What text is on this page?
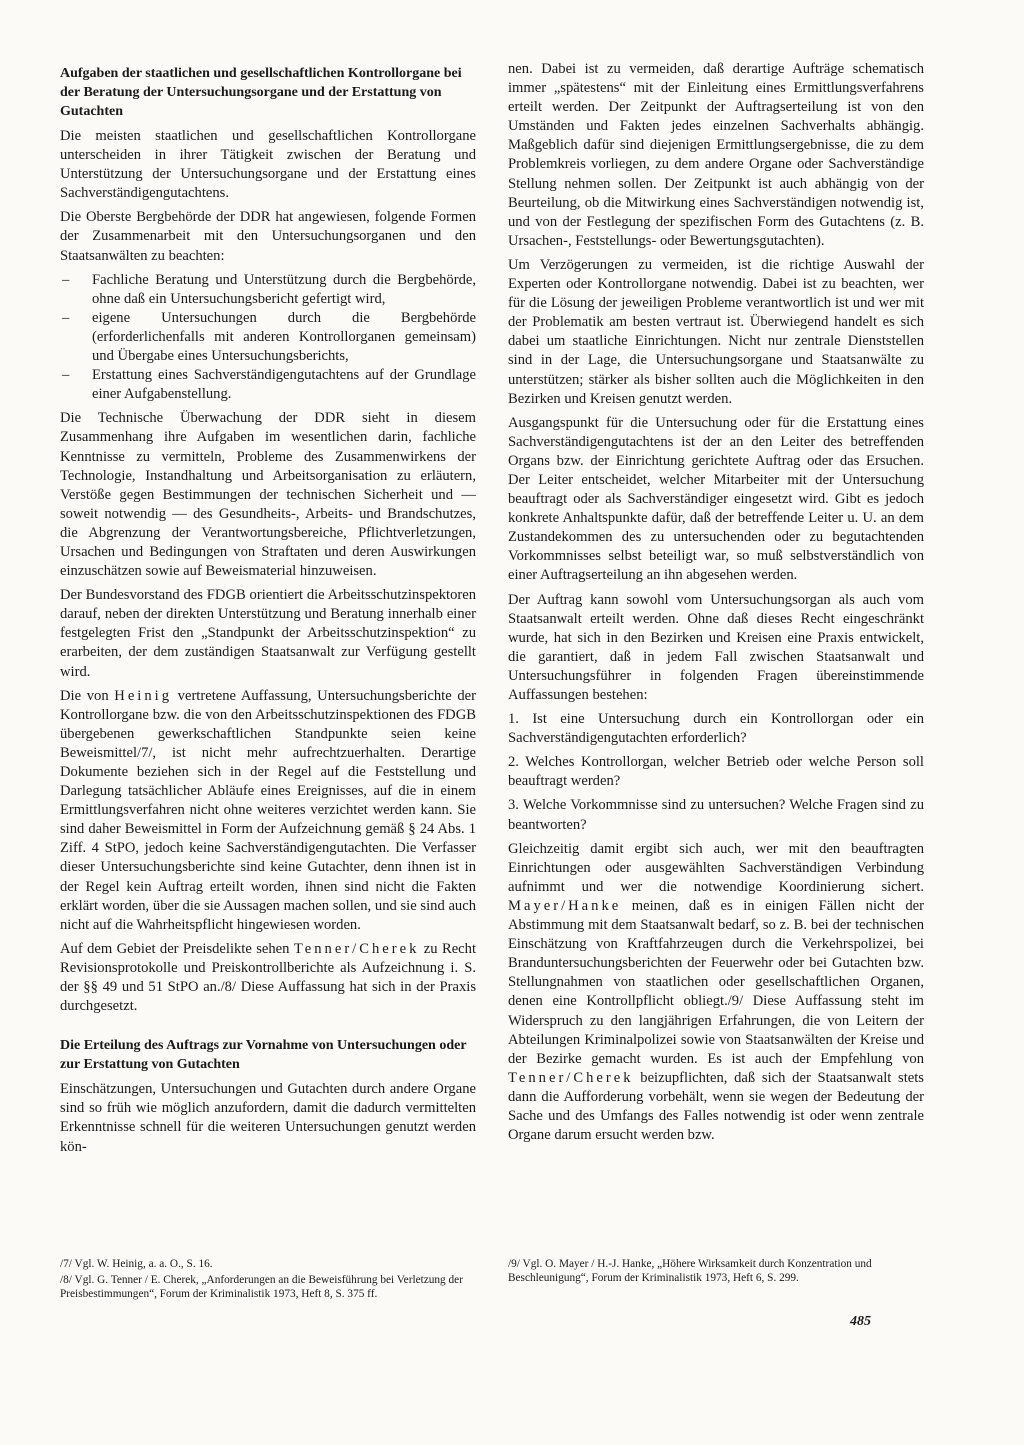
Aufgaben der staatlichen und gesellschaftlichen Kontrollorgane bei der Beratung der Untersuchungsorgane und der Erstattung von Gutachten

Die meisten staatlichen und gesellschaftlichen Kontrollorgane unterscheiden in ihrer Tätigkeit zwischen der Beratung und Unterstützung der Untersuchungsorgane und der Erstattung eines Sachverständigengutachtens.

Die Oberste Bergbehörde der DDR hat angewiesen, folgende Formen der Zusammenarbeit mit den Untersuchungsorganen und den Staatsanwälten zu beachten:

– Fachliche Beratung und Unterstützung durch die Bergbehörde, ohne daß ein Untersuchungsbericht gefertigt wird,
– eigene Untersuchungen durch die Bergbehörde (erforderlichenfalls mit anderen Kontrollorganen gemeinsam) und Übergabe eines Untersuchungsberichts,
– Erstattung eines Sachverständigengutachtens auf der Grundlage einer Aufgabenstellung.

Die Technische Überwachung der DDR sieht in diesem Zusammenhang ihre Aufgaben im wesentlichen darin, fachliche Kenntnisse zu vermitteln, Probleme des Zusammenwirkens der Technologie, Instandhaltung und Arbeitsorganisation zu erläutern, Verstöße gegen Bestimmungen der technischen Sicherheit und — soweit notwendig — des Gesundheits-, Arbeits- und Brandschutzes, die Abgrenzung der Verantwortungsbereiche, Pflichtverletzungen, Ursachen und Bedingungen von Straftaten und deren Auswirkungen einzuschätzen sowie auf Beweismaterial hinzuweisen.

Der Bundesvorstand des FDGB orientiert die Arbeitsschutzinspektoren darauf, neben der direkten Unterstützung und Beratung innerhalb einer festgelegten Frist den „Standpunkt der Arbeitsschutzinspektion“ zu erarbeiten, der dem zuständigen Staatsanwalt zur Verfügung gestellt wird.

Die von Heinig vertretene Auffassung, Untersuchungsberichte der Kontrollorgane bzw. die von den Arbeitsschutzinspektionen des FDGB übergebenen gewerkschaftlichen Standpunkte seien keine Beweismittel/7/, ist nicht mehr aufrechtzuerhalten. Derartige Dokumente beziehen sich in der Regel auf die Feststellung und Darlegung tatsächlicher Abläufe eines Ereignisses, auf die in einem Ermittlungsverfahren nicht ohne weiteres verzichtet werden kann. Sie sind daher Beweismittel in Form der Aufzeichnung gemäß § 24 Abs. 1 Ziff. 4 StPO, jedoch keine Sachverständigengutachten. Die Verfasser dieser Untersuchungsberichte sind keine Gutachter, denn ihnen ist in der Regel kein Auftrag erteilt worden, ihnen sind nicht die Fakten erklärt worden, über die sie Aussagen machen sollen, und sie sind auch nicht auf die Wahrheitspflicht hingewiesen worden.

Auf dem Gebiet der Preisdelikte sehen Tenner/Cherek zu Recht Revisionsprotokolle und Preiskontrollberichte als Aufzeichnung i. S. der §§ 49 und 51 StPO an./8/ Diese Auffassung hat sich in der Praxis durchgesetzt.

Die Erteilung des Auftrags zur Vornahme von Untersuchungen oder zur Erstattung von Gutachten

Einschätzungen, Untersuchungen und Gutachten durch andere Organe sind so früh wie möglich anzufordern, damit die dadurch vermittelten Erkenntnisse schnell für die weiteren Untersuchungen genutzt werden kön-

nen. Dabei ist zu vermeiden, daß derartige Aufträge schematisch immer „spätestens“ mit der Einleitung eines Ermittlungsverfahrens erteilt werden. Der Zeitpunkt der Auftragserteilung ist von den Umständen und Fakten jedes einzelnen Sachverhalts abhängig. Maßgeblich dafür sind diejenigen Ermittlungsergebnisse, die zu dem Problemkreis vorliegen, zu dem andere Organe oder Sachverständige Stellung nehmen sollen. Der Zeitpunkt ist auch abhängig von der Beurteilung, ob die Mitwirkung eines Sachverständigen notwendig ist, und von der Festlegung der spezifischen Form des Gutachtens (z. B. Ursachen-, Feststellungs- oder Bewertungsgutachten).

Um Verzögerungen zu vermeiden, ist die richtige Auswahl der Experten oder Kontrollorgane notwendig. Dabei ist zu beachten, wer für die Lösung der jeweiligen Probleme verantwortlich ist und wer mit der Problematik am besten vertraut ist. Überwiegend handelt es sich dabei um staatliche Einrichtungen. Nicht nur zentrale Dienststellen sind in der Lage, die Untersuchungsorgane und Staatsanwälte zu unterstützen; stärker als bisher sollten auch die Möglichkeiten in den Bezirken und Kreisen genutzt werden.

Ausgangspunkt für die Untersuchung oder für die Erstattung eines Sachverständigengutachtens ist der an den Leiter des betreffenden Organs bzw. der Einrichtung gerichtete Auftrag oder das Ersuchen. Der Leiter entscheidet, welcher Mitarbeiter mit der Untersuchung beauftragt oder als Sachverständiger eingesetzt wird. Gibt es jedoch konkrete Anhaltspunkte dafür, daß der betreffende Leiter u. U. an dem Zustandekommen des zu untersuchenden oder zu begutachtenden Vorkommnisses selbst beteiligt war, so muß selbstverständlich von einer Auftragserteilung an ihn abgesehen werden.

Der Auftrag kann sowohl vom Untersuchungsorgan als auch vom Staatsanwalt erteilt werden. Ohne daß dieses Recht eingeschränkt wurde, hat sich in den Bezirken und Kreisen eine Praxis entwickelt, die garantiert, daß in jedem Fall zwischen Staatsanwalt und Untersuchungsführer in folgenden Fragen übereinstimmende Auffassungen bestehen:

1. Ist eine Untersuchung durch ein Kontrollorgan oder ein Sachverständigengutachten erforderlich?
2. Welches Kontrollorgan, welcher Betrieb oder welche Person soll beauftragt werden?
3. Welche Vorkommnisse sind zu untersuchen? Welche Fragen sind zu beantworten?

Gleichzeitig damit ergibt sich auch, wer mit den beauftragten Einrichtungen oder ausgewählten Sachverständigen Verbindung aufnimmt und wer die notwendige Koordinierung sichert. Mayer/Hanke meinen, daß es in einigen Fällen nicht der Abstimmung mit dem Staatsanwalt bedarf, so z. B. bei der technischen Einschätzung von Kraftfahrzeugen durch die Verkehrspolizei, bei Branduntersuchungsberichten der Feuerwehr oder bei Gutachten bzw. Stellungnahmen von staatlichen oder gesellschaftlichen Organen, denen eine Kontrollpflicht obliegt./9/ Diese Auffassung steht im Widerspruch zu den langjährigen Erfahrungen, die von Leitern der Abteilungen Kriminalpolizei sowie von Staatsanwälten der Kreise und der Bezirke gemacht wurden. Es ist auch der Empfehlung von Tenner/Cherek beizupflichten, daß sich der Staatsanwalt stets dann die Aufforderung vorbehält, wenn sie wegen der Bedeutung der Sache und des Umfangs des Falles notwendig ist oder wenn zentrale Organe darum ersucht werden bzw.

/7/ Vgl. W. Heinig, a. a. O., S. 16.

/8/ Vgl. G. Tenner / E. Cherek, „Anforderungen an die Beweisführung bei Verletzung der Preisbestimmungen“, Forum der Kriminalistik 1973, Heft 8, S. 375 ff.

/9/ Vgl. O. Mayer / H.-J. Hanke, „Höhere Wirksamkeit durch Konzentration und Beschleunigung“, Forum der Kriminalistik 1973, Heft 6, S. 299.

485
